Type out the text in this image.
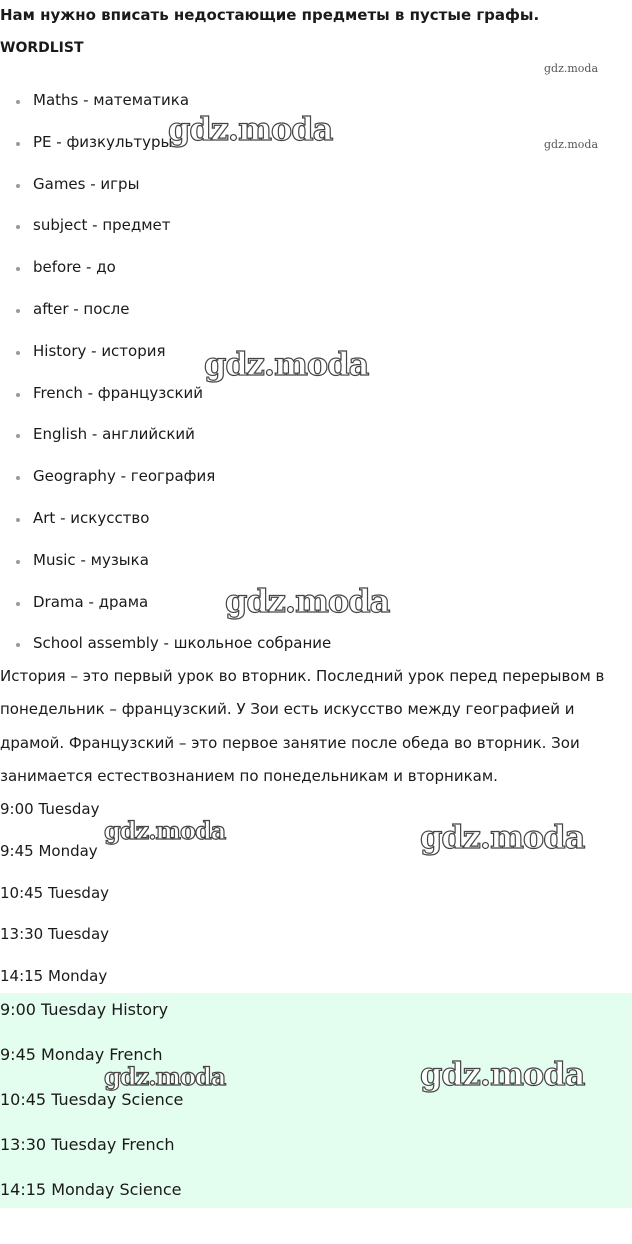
Нам нужно вписать недостающие предметы в пустые графы.
WORDLIST
Maths - математика
PE - физкультуры
Games - игры
subject - предмет
before - до
after - после
History - история
French - французский
English - английский
Geography - география
Art - искусство
Music - музыка
Drama - драма
School assembly - школьное собрание
История – это первый урок во вторник. Последний урок перед перерывом в понедельник – французский. У Зои есть искусство между географией и драмой. Французский – это первое занятие после обеда во вторник. Зои занимается естествознанием по понедельникам и вторникам.
9:00 Tuesday
9:45 Monday
10:45 Tuesday
13:30 Tuesday
14:15 Monday
9:00 Tuesday History
9:45 Monday French
10:45 Tuesday Science
13:30 Tuesday French
14:15 Monday Science
gdz.moda
gdz.moda
gdz.moda
gdz.moda
gdz.moda
gdz.moda	gdz.moda
gdz.moda	gdz.moda
